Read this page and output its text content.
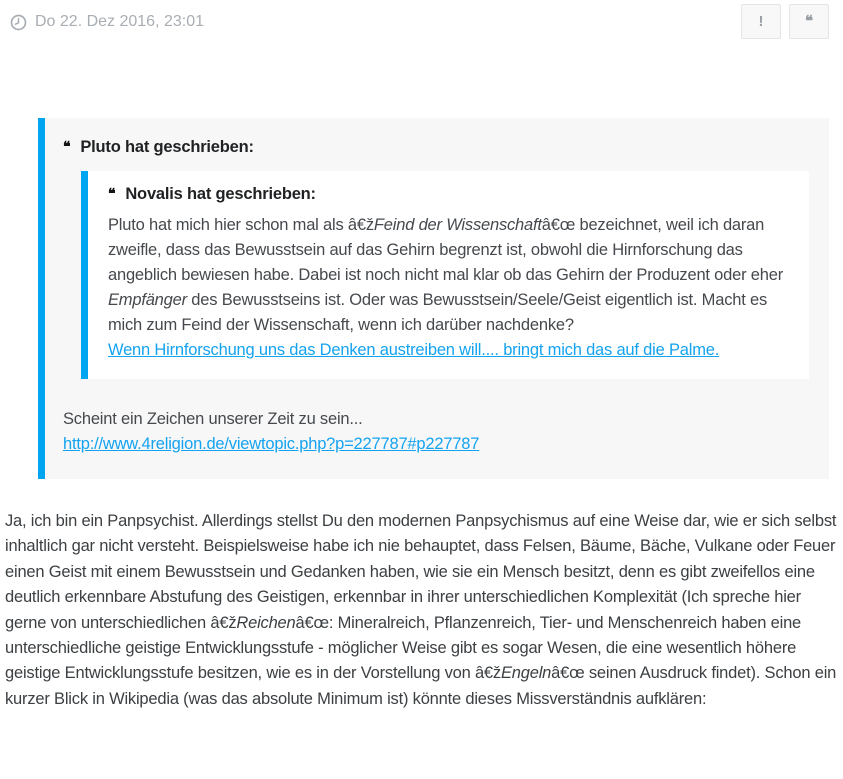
Do 22. Dez 2016, 23:01	!	❝
❝ Pluto hat geschrieben:
❝ Novalis hat geschrieben:
Pluto hat mich hier schon mal als â€žFeind der Wissenschaftâ€œ bezeichnet, weil ich daran zweifle, dass das Bewusstsein auf das Gehirn begrenzt ist, obwohl die Hirnforschung das angeblich bewiesen habe. Dabei ist noch nicht mal klar ob das Gehirn der Produzent oder eher Empfänger des Bewusstseins ist. Oder was Bewusstsein/Seele/Geist eigentlich ist. Macht es mich zum Feind der Wissenschaft, wenn ich darüber nachdenke?
Wenn Hirnforschung uns das Denken austreiben will.... bringt mich das auf die Palme.
Scheint ein Zeichen unserer Zeit zu sein...
http://www.4religion.de/viewtopic.php?p=227787#p227787
Ja, ich bin ein Panpsychist. Allerdings stellst Du den modernen Panpsychismus auf eine Weise dar, wie er sich selbst inhaltlich gar nicht versteht. Beispielsweise habe ich nie behauptet, dass Felsen, Bäume, Bäche, Vulkane oder Feuer einen Geist mit einem Bewusstsein und Gedanken haben, wie sie ein Mensch besitzt, denn es gibt zweifellos eine deutlich erkennbare Abstufung des Geistigen, erkennbar in ihrer unterschiedlichen Komplexität (Ich spreche hier gerne von unterschiedlichen â€žReichenâ€œ: Mineralreich, Pflanzenreich, Tier- und Menschenreich haben eine unterschiedliche geistige Entwicklungsstufe - möglicher Weise gibt es sogar Wesen, die eine wesentlich höhere geistige Entwicklungsstufe besitzen, wie es in der Vorstellung von â€žEngelnâ€œ seinen Ausdruck findet). Schon ein kurzer Blick in Wikipedia (was das absolute Minimum ist) könnte dieses Missverständnis aufklären:
